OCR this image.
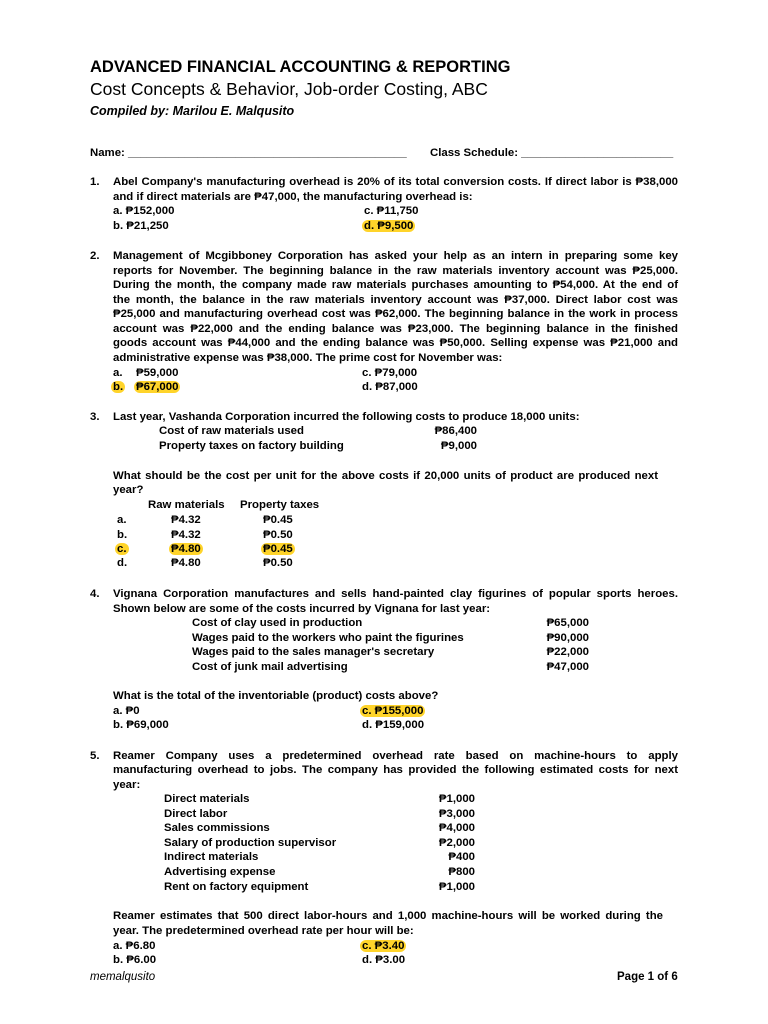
ADVANCED FINANCIAL ACCOUNTING & REPORTING
Cost Concepts & Behavior, Job-order Costing, ABC
Compiled by: Marilou E. Malqusito
Name: ____________________________________________ Class Schedule: ________________________
1. Abel Company's manufacturing overhead is 20% of its total conversion costs. If direct labor is ₱38,000
and if direct materials are ₱47,000, the manufacturing overhead is:
a. ₱152,000	c. ₱11,750
b. ₱21,250	d. ₱9,500
2. Management of Mcgibboney Corporation has asked your help as an intern in preparing some key
reports for November. The beginning balance in the raw materials inventory account was ₱25,000.
During the month, the company made raw materials purchases amounting to ₱54,000. At the end of
the month, the balance in the raw materials inventory account was ₱37,000. Direct labor cost was
₱25,000 and manufacturing overhead cost was ₱62,000. The beginning balance in the work in process
account was ₱22,000 and the ending balance was ₱23,000. The beginning balance in the finished
goods account was ₱44,000 and the ending balance was ₱50,000. Selling expense was ₱21,000 and
administrative expense was ₱38,000. The prime cost for November was:
a. ₱59,000	c. ₱79,000
b. ₱67,000	d. ₱87,000
3. Last year, Vashanda Corporation incurred the following costs to produce 18,000 units:
Cost of raw materials used	₱86,400
Property taxes on factory building	₱9,000
What should be the cost per unit for the above costs if 20,000 units of product are produced next
year?
Raw materials Property taxes
a.	₱4.32	₱0.45
b.	₱4.32	₱0.50
c.	₱4.80	₱0.45
d.	₱4.80	₱0.50
4. Vignana Corporation manufactures and sells hand-painted clay figurines of popular sports heroes.
Shown below are some of the costs incurred by Vignana for last year:
Cost of clay used in production	₱65,000
Wages paid to the workers who paint the figurines	₱90,000
Wages paid to the sales manager's secretary	₱22,000
Cost of junk mail advertising	₱47,000
What is the total of the inventoriable (product) costs above?
a. ₱0	c. ₱155,000
b. ₱69,000	d. ₱159,000
5. Reamer Company uses a predetermined overhead rate based on machine-hours to apply
manufacturing overhead to jobs. The company has provided the following estimated costs for next
year:
Direct materials	₱1,000
Direct labor	₱3,000
Sales commissions	₱4,000
Salary of production supervisor	₱2,000
Indirect materials	₱400
Advertising expense	₱800
Rent on factory equipment	₱1,000
Reamer estimates that 500 direct labor-hours and 1,000 machine-hours will be worked during the
year. The predetermined overhead rate per hour will be:
a. ₱6.80	c. ₱3.40
b. ₱6.00	d. ₱3.00
memalqusito	Page 1 of 6
